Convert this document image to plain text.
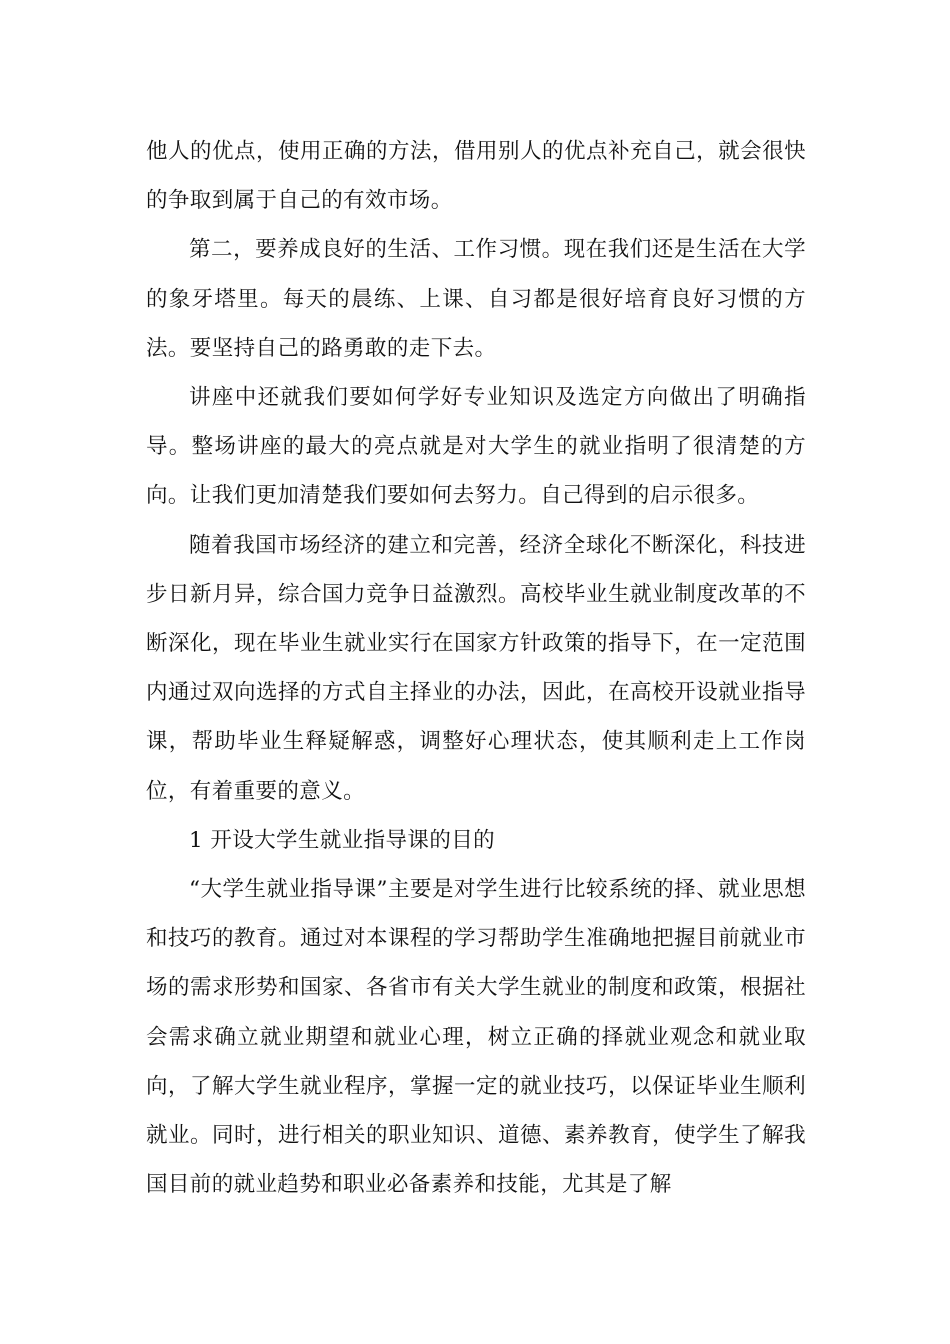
他人的优点，使用正确的方法，借用别人的优点补充自己，就会很快的争取到属于自己的有效市场。

第二，要养成良好的生活、工作习惯。现在我们还是生活在大学的象牙塔里。每天的晨练、上课、自习都是很好培育良好习惯的方法。要坚持自己的路勇敢的走下去。

讲座中还就我们要如何学好专业知识及选定方向做出了明确指导。整场讲座的最大的亮点就是对大学生的就业指明了很清楚的方向。让我们更加清楚我们要如何去努力。自己得到的启示很多。

随着我国市场经济的建立和完善，经济全球化不断深化，科技进步日新月异，综合国力竞争日益激烈。高校毕业生就业制度改革的不断深化，现在毕业生就业实行在国家方针政策的指导下，在一定范围内通过双向选择的方式自主择业的办法，因此，在高校开设就业指导课，帮助毕业生释疑解惑，调整好心理状态，使其顺利走上工作岗位，有着重要的意义。

1 开设大学生就业指导课的目的

“大学生就业指导课”主要是对学生进行比较系统的择、就业思想和技巧的教育。通过对本课程的学习帮助学生准确地把握目前就业市场的需求形势和国家、各省市有关大学生就业的制度和政策，根据社会需求确立就业期望和就业心理，树立正确的择就业观念和就业取向，了解大学生就业程序，掌握一定的就业技巧，以保证毕业生顺利就业。同时，进行相关的职业知识、道德、素养教育，使学生了解我国目前的就业趋势和职业必备素养和技能，尤其是了解
